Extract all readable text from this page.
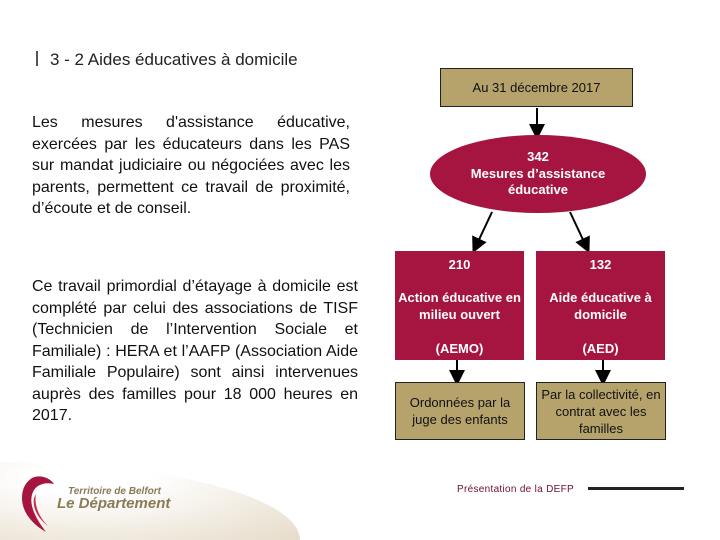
3 - 2 Aides éducatives à domicile
Les mesures d'assistance éducative, exercées par les éducateurs dans les PAS sur mandat judiciaire ou négociées avec les parents, permettent ce travail de proximité, d’écoute et de conseil.
Ce travail primordial d’étayage à domicile est complété par celui des associations de TISF (Technicien de l’Intervention Sociale et Familiale) : HERA et l’AAFP (Association Aide Familiale Populaire) sont ainsi intervenues auprès des familles pour 18 000 heures en 2017.
Au 31 décembre 2017
342
Mesures d’assistance
éducative
210
Action éducative en milieu ouvert
(AEMO)
132
Aide éducative à domicile
(AED)
Ordonnées par la juge des enfants
Par la collectivité, en contrat avec les familles
Territoire de Belfort
Le Département
Présentation de la DEFP
